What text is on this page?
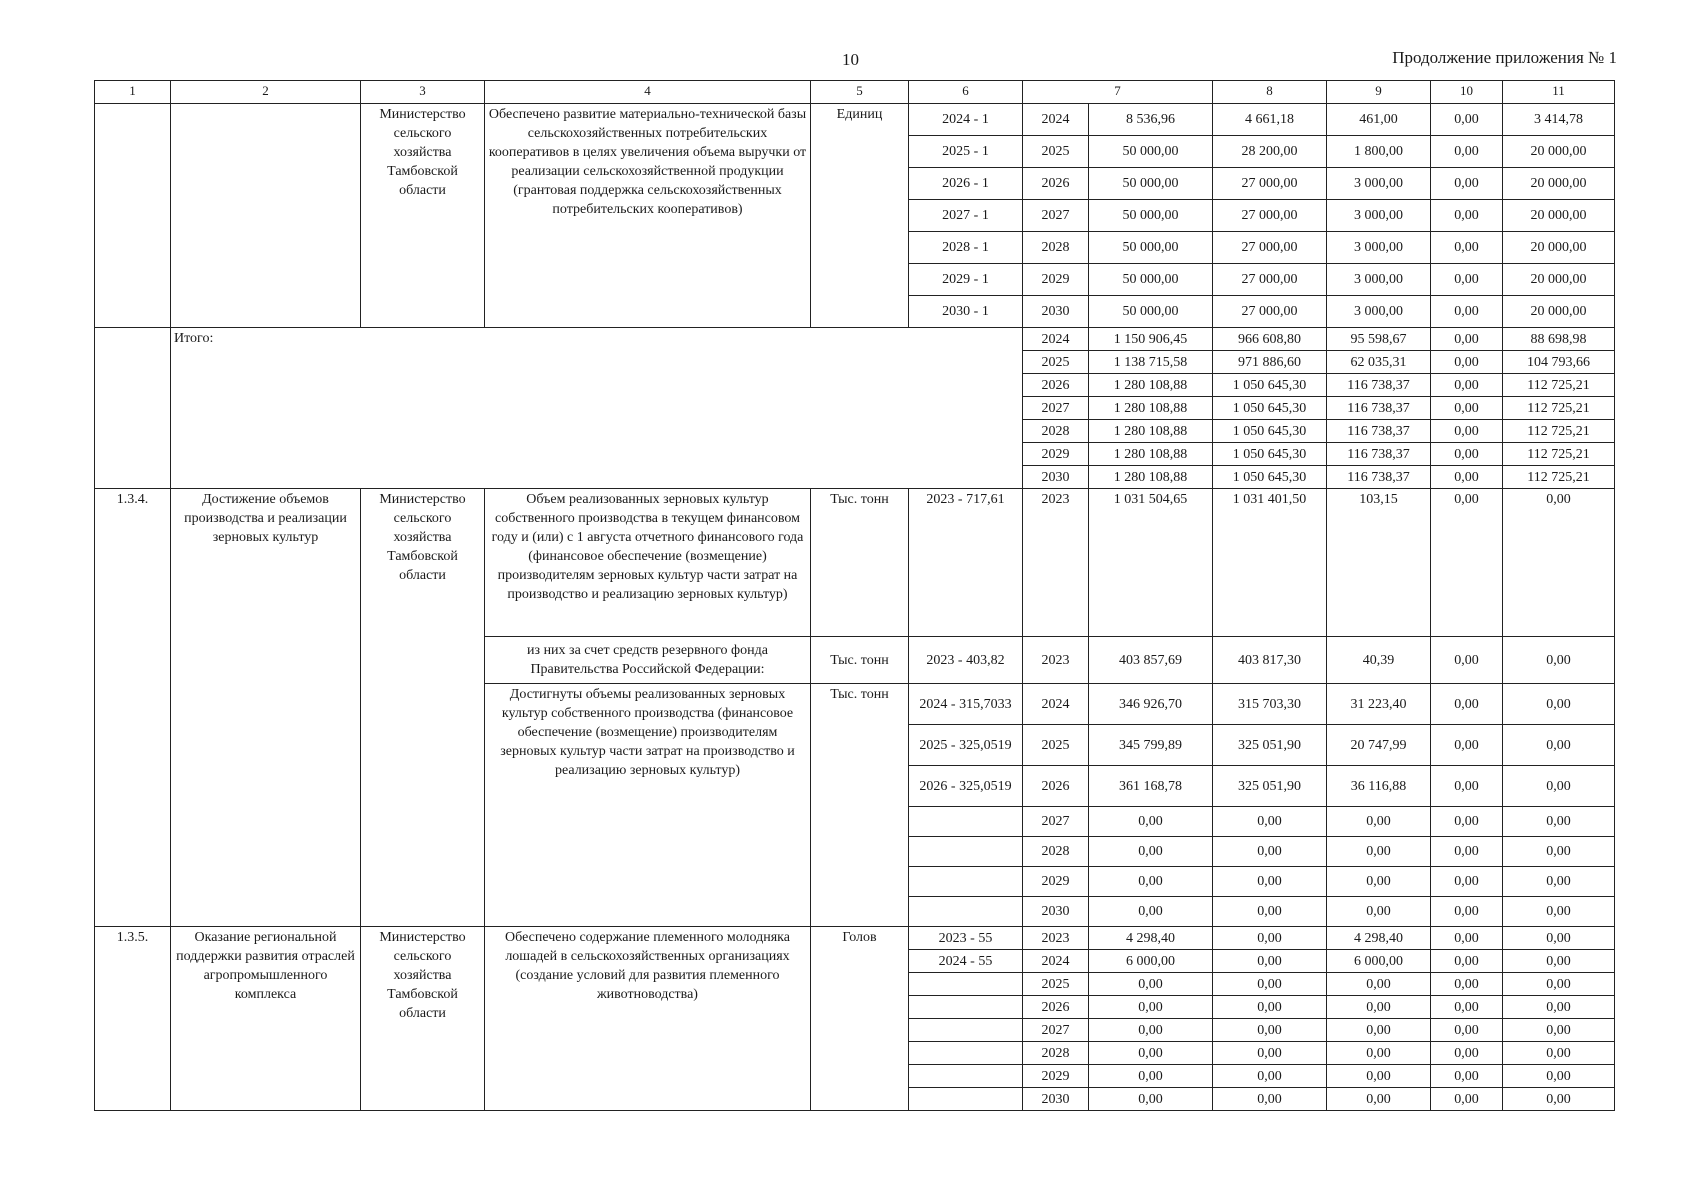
10	Продолжение приложения № 1
1	2	3	4	5	6	7		8	9	10	11
		Министерство сельского хозяйства Тамбовской области	Обеспечено развитие материально-технической базы сельскохозяйственных потребительских кооперативов в целях увеличения объема выручки от реализации сельскохозяйственной продукции (грантовая поддержка сельскохозяйственных потребительских кооперативов)	Единиц	2024 - 1	2024	8 536,96	4 661,18	461,00	0,00	3 414,78
					2025 - 1	2025	50 000,00	28 200,00	1 800,00	0,00	20 000,00
					2026 - 1	2026	50 000,00	27 000,00	3 000,00	0,00	20 000,00
					2027 - 1	2027	50 000,00	27 000,00	3 000,00	0,00	20 000,00
					2028 - 1	2028	50 000,00	27 000,00	3 000,00	0,00	20 000,00
					2029 - 1	2029	50 000,00	27 000,00	3 000,00	0,00	20 000,00
					2030 - 1	2030	50 000,00	27 000,00	3 000,00	0,00	20 000,00
	Итого:					2024	1 150 906,45	966 608,80	95 598,67	0,00	88 698,98
						2025	1 138 715,58	971 886,60	62 035,31	0,00	104 793,66
						2026	1 280 108,88	1 050 645,30	116 738,37	0,00	112 725,21
						2027	1 280 108,88	1 050 645,30	116 738,37	0,00	112 725,21
						2028	1 280 108,88	1 050 645,30	116 738,37	0,00	112 725,21
						2029	1 280 108,88	1 050 645,30	116 738,37	0,00	112 725,21
						2030	1 280 108,88	1 050 645,30	116 738,37	0,00	112 725,21
1.3.4.	Достижение объемов производства и реализации зерновых культур	Министерство сельского хозяйства Тамбовской области	Объем реализованных зерновых культур собственного производства в текущем финансовом году и (или) с 1 августа отчетного финансового года (финансовое обеспечение (возмещение) производителям зерновых культур части затрат на производство и реализацию зерновых культур)	Тыс. тонн	2023 - 717,61	2023	1 031 504,65	1 031 401,50	103,15	0,00	0,00
			из них за счет средств резервного фонда Правительства Российской Федерации:	Тыс. тонн	2023 - 403,82	2023	403 857,69	403 817,30	40,39	0,00	0,00
			Достигнуты объемы реализованных зерновых культур собственного производства (финансовое обеспечение (возмещение) производителям зерновых культур части затрат на производство и реализацию зерновых культур)	Тыс. тонн	2024 - 315,7033	2024	346 926,70	315 703,30	31 223,40	0,00	0,00
					2025 - 325,0519	2025	345 799,89	325 051,90	20 747,99	0,00	0,00
					2026 - 325,0519	2026	361 168,78	325 051,90	36 116,88	0,00	0,00
						2027	0,00	0,00	0,00	0,00	0,00
						2028	0,00	0,00	0,00	0,00	0,00
						2029	0,00	0,00	0,00	0,00	0,00
						2030	0,00	0,00	0,00	0,00	0,00
1.3.5.	Оказание региональной поддержки развития отраслей агропромышленного комплекса	Министерство сельского хозяйства Тамбовской области	Обеспечено содержание племенного молодняка лошадей в сельскохозяйственных организациях (создание условий для развития племенного животноводства)	Голов	2023 - 55	2023	4 298,40	0,00	4 298,40	0,00	0,00
					2024 - 55	2024	6 000,00	0,00	6 000,00	0,00	0,00
						2025	0,00	0,00	0,00	0,00	0,00
						2026	0,00	0,00	0,00	0,00	0,00
						2027	0,00	0,00	0,00	0,00	0,00
						2028	0,00	0,00	0,00	0,00	0,00
						2029	0,00	0,00	0,00	0,00	0,00
						2030	0,00	0,00	0,00	0,00	0,00
